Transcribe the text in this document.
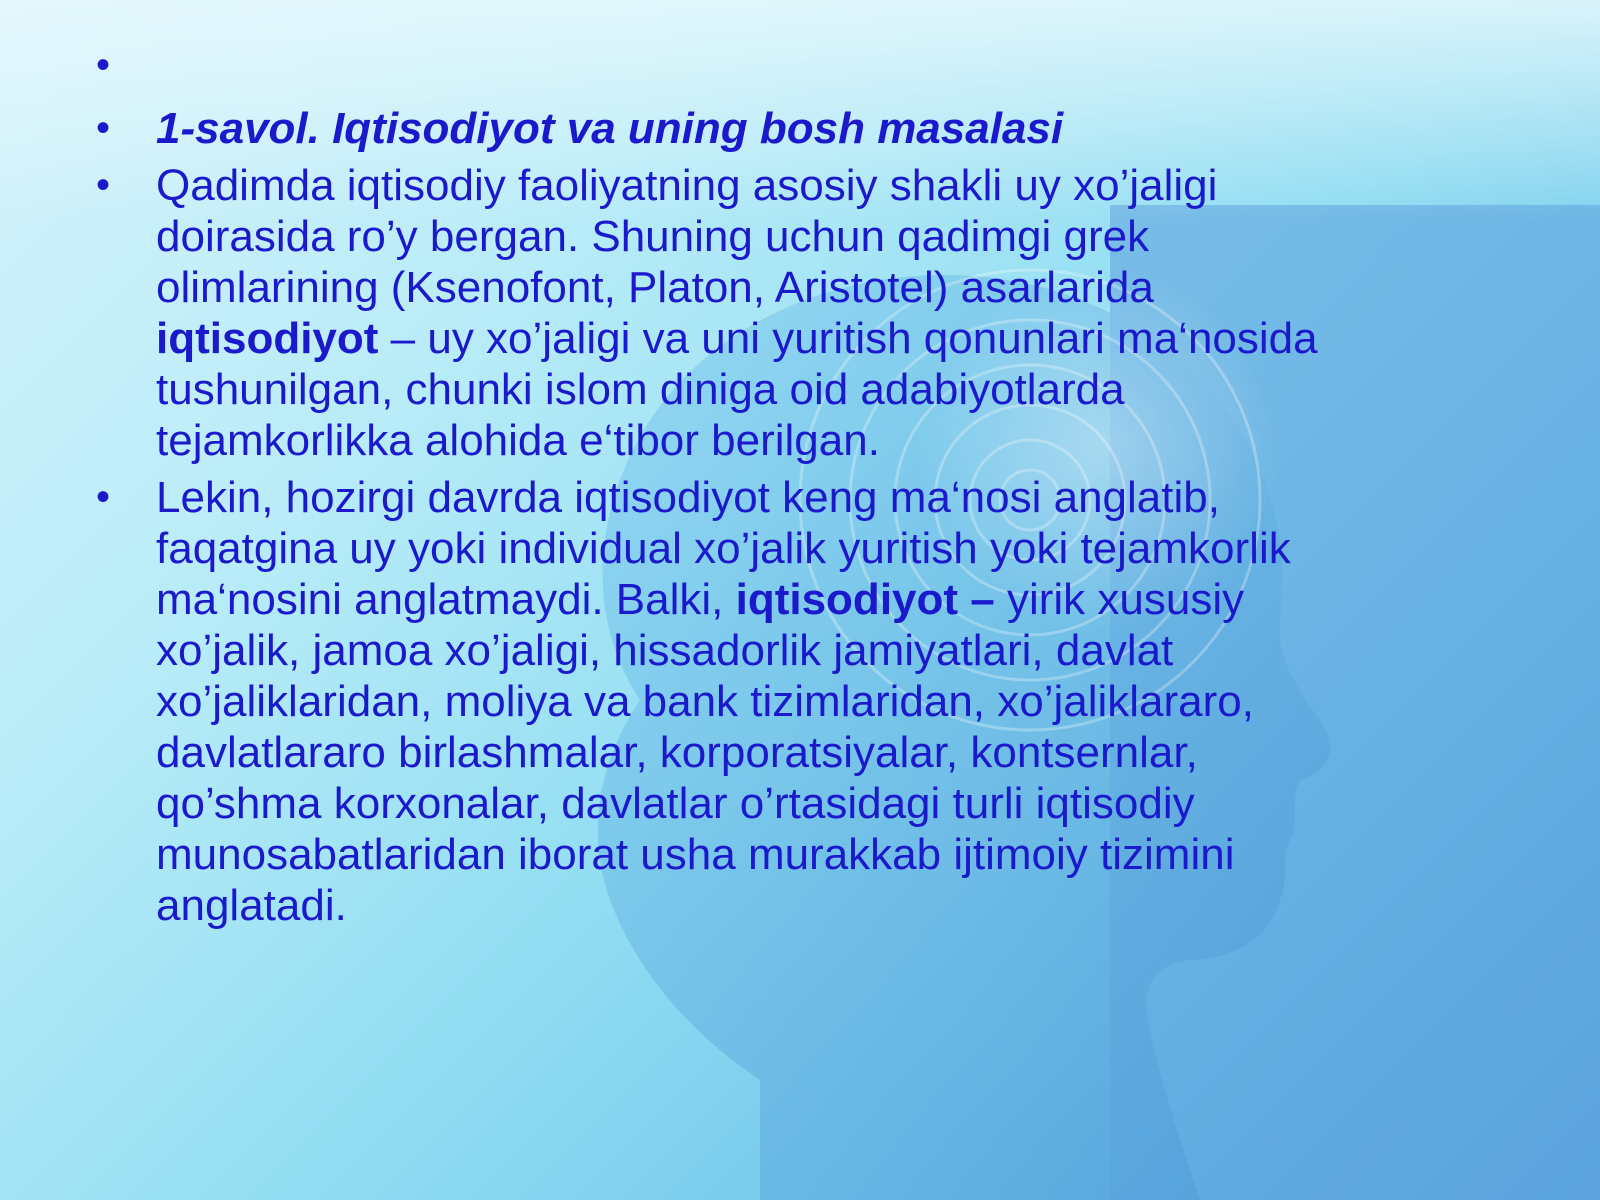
•
• 1-savol. Iqtisodiyot va uning bosh masalasi
• Qadimda iqtisodiy faoliyatning asosiy shakli uy xo’jaligi doirasida ro’y bergan. Shuning uchun qadimgi grek olimlarining (Ksenofont, Platon, Aristotel) asarlarida iqtisodiyot – uy xo’jaligi va uni yuritish qonunlari ma‘nosida tushunilgan, chunki islom diniga oid adabiyotlarda tejamkorlikka alohida e‘tibor berilgan.
• Lekin, hozirgi davrda iqtisodiyot keng ma‘nosi anglatib, faqatgina uy yoki individual xo’jalik yuritish yoki tejamkorlik ma‘nosini anglatmaydi. Balki, iqtisodiyot – yirik xususiy xo’jalik, jamoa xo’jaligi, hissadorlik jamiyatlari, davlat xo’jaliklaridan, moliya va bank tizimlaridan, xo’jaliklararo, davlatlararo birlashmalar, korporatsiyalar, kontsernlar, qo’shma korxonalar, davlatlar o’rtasidagi turli iqtisodiy munosabatlaridan iborat usha murakkab ijtimoiy tizimini anglatadi.
